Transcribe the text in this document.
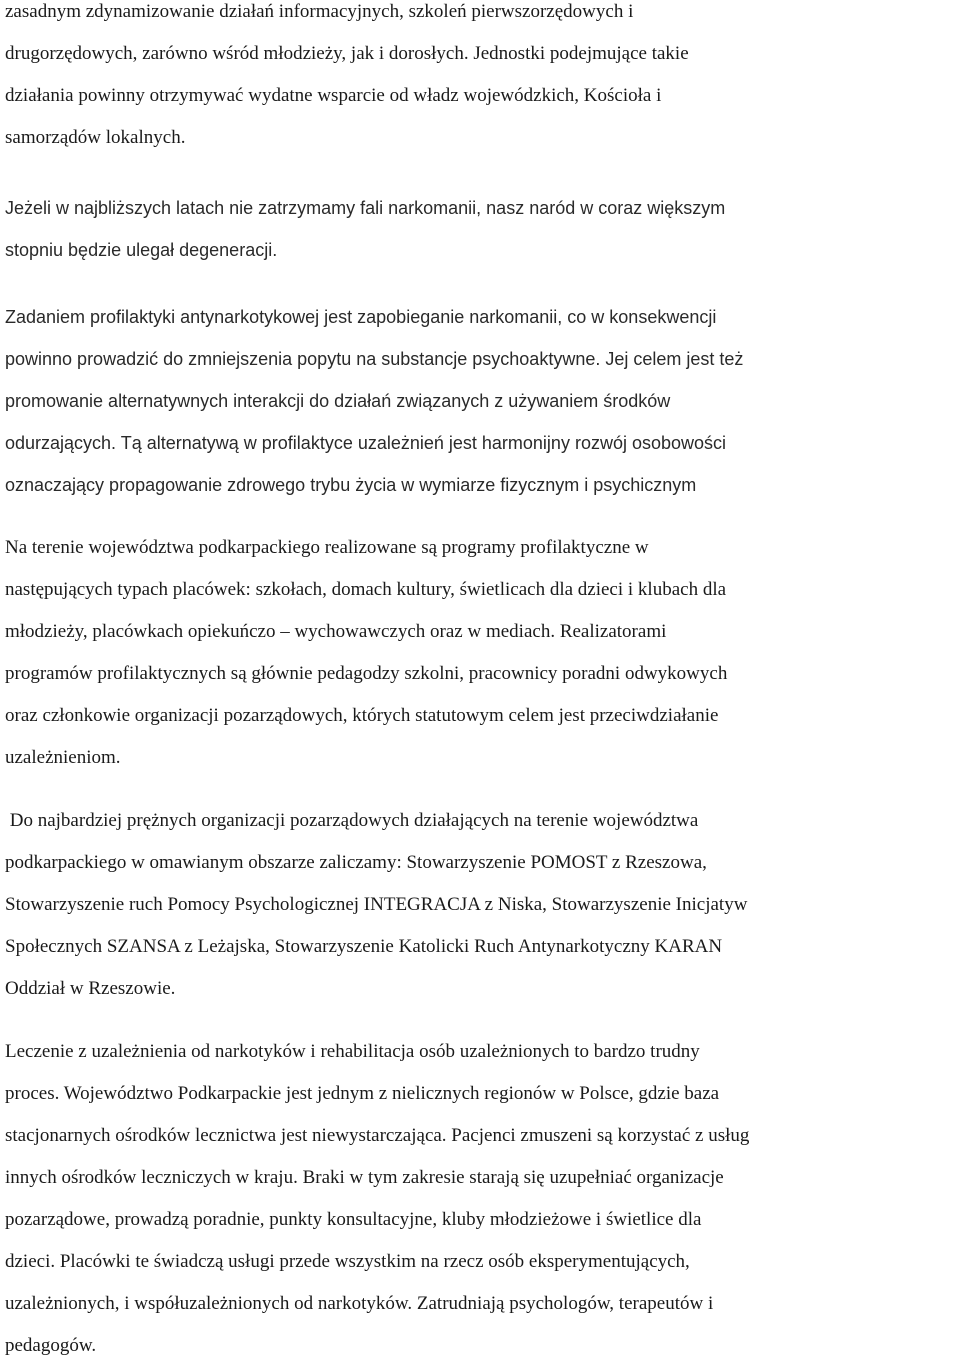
zasadnym zdynamizowanie działań informacyjnych, szkoleń pierwszorzędowych i
drugorzędowych, zarówno wśród młodzieży, jak i dorosłych. Jednostki podejmujące takie
działania powinny otrzymywać wydatne wsparcie od władz wojewódzkich, Kościoła i
samorządów lokalnych.

Jeżeli w najbliższych latach nie zatrzymamy fali narkomanii, nasz naród w coraz większym
stopniu będzie ulegał degeneracji.

Zadaniem profilaktyki antynarkotykowej jest zapobieganie narkomanii, co w konsekwencji
powinno prowadzić do zmniejszenia popytu na substancje psychoaktywne. Jej celem jest też
promowanie alternatywnych interakcji do działań związanych z używaniem środków
odurzających. Tą alternatywą w profilaktyce uzależnień jest harmonijny rozwój osobowości
oznaczający propagowanie zdrowego trybu życia w wymiarze fizycznym i psychicznym

Na terenie województwa podkarpackiego realizowane są programy profilaktyczne w
następujących typach placówek: szkołach, domach kultury, świetlicach dla dzieci i klubach dla
młodzieży, placówkach opiekuńczo – wychowawczych oraz w mediach. Realizatorami
programów profilaktycznych są głównie pedagodzy szkolni, pracownicy poradni odwykowych
oraz członkowie organizacji pozarządowych, których statutowym celem jest przeciwdziałanie
uzależnieniom.

Do najbardziej prężnych organizacji pozarządowych działających na terenie województwa
podkarpackiego w omawianym obszarze zaliczamy: Stowarzyszenie POMOST z Rzeszowa,
Stowarzyszenie ruch Pomocy Psychologicznej INTEGRACJA z Niska, Stowarzyszenie Inicjatyw
Społecznych SZANSA z Leżajska, Stowarzyszenie Katolicki Ruch Antynarkotyczny KARAN
Oddział w Rzeszowie.

Leczenie z uzależnienia od narkotyków i rehabilitacja osób uzależnionych to bardzo trudny
proces. Województwo Podkarpackie jest jednym z nielicznych regionów w Polsce, gdzie baza
stacjonarnych ośrodków lecznictwa jest niewystarczająca. Pacjenci zmuszeni są korzystać z usług
innych ośrodków leczniczych w kraju. Braki w tym zakresie starają się uzupełniać organizacje
pozarządowe, prowadzą poradnie, punkty konsultacyjne, kluby młodzieżowe i świetlice dla
dzieci. Placówki te świadczą usługi przede wszystkim na rzecz osób eksperymentujących,
uzależnionych, i współuzależnionych od narkotyków. Zatrudniają psychologów, terapeutów i
pedagogów.
